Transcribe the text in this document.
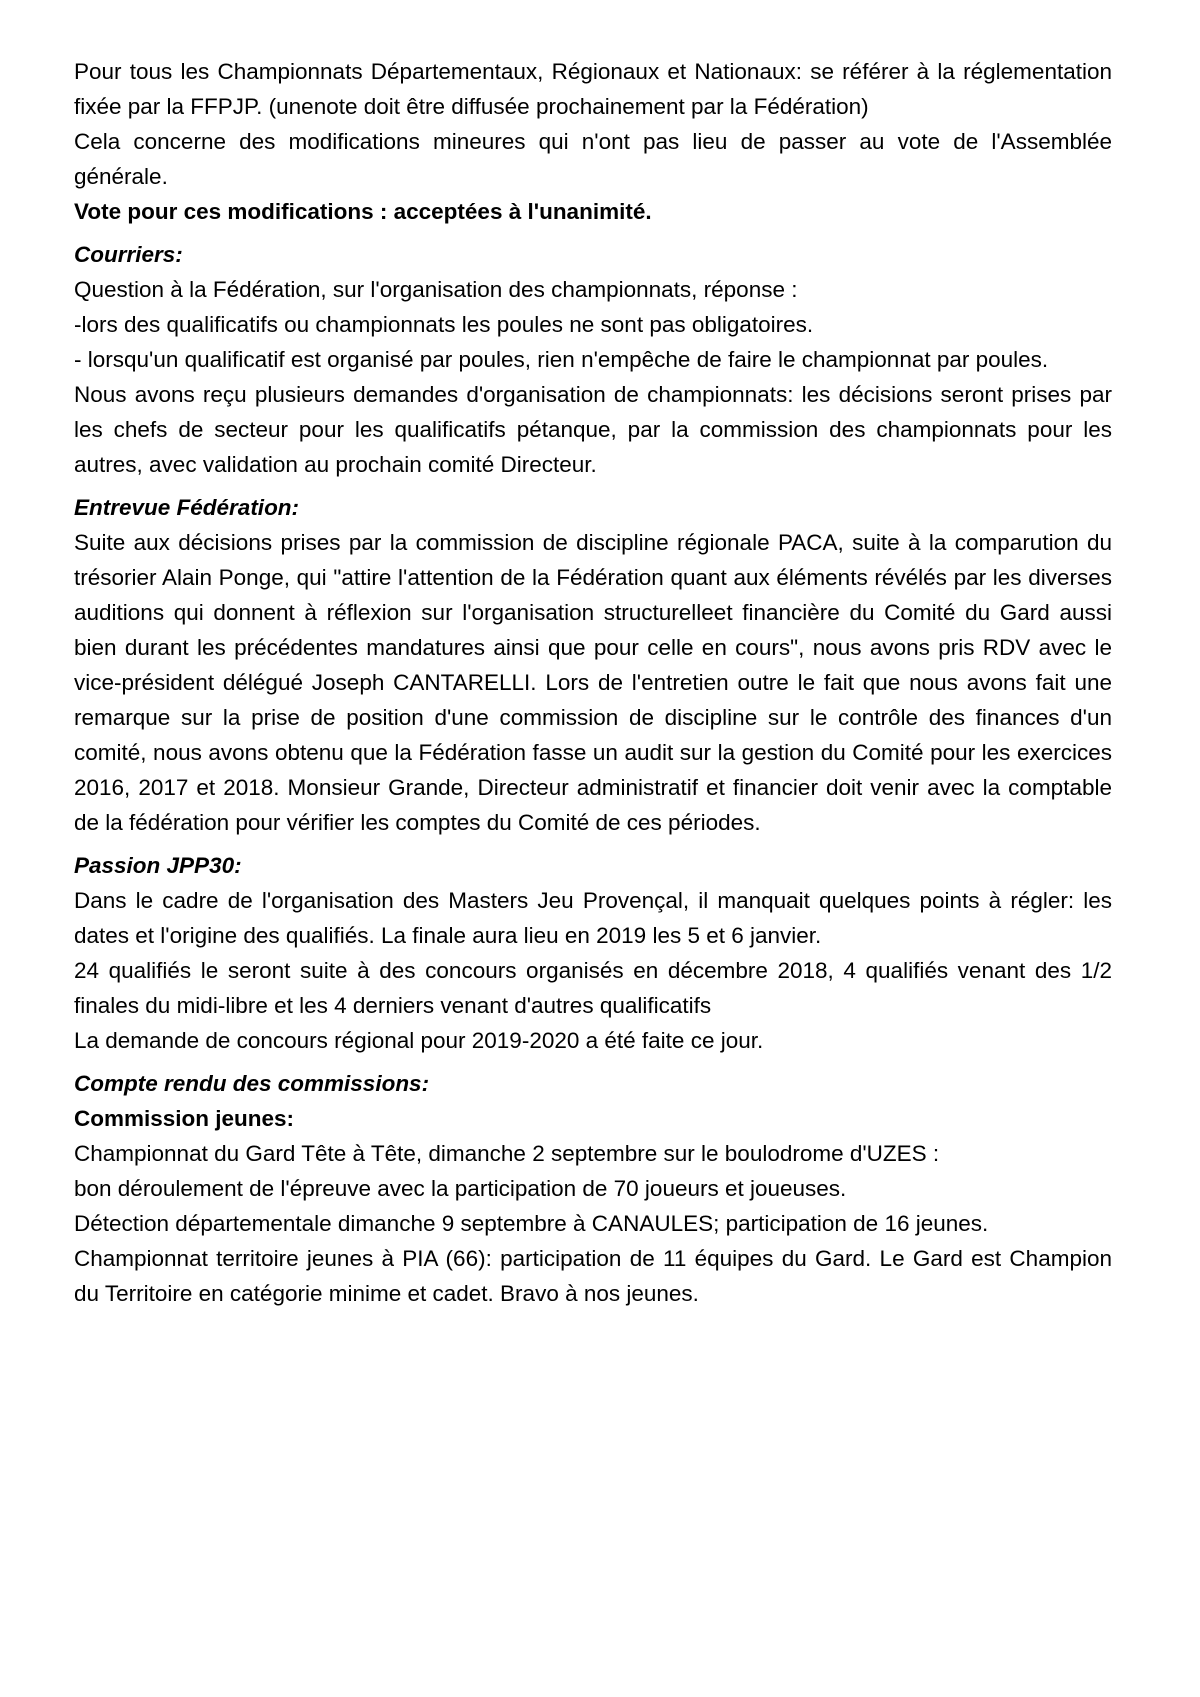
Pour tous les Championnats Départementaux, Régionaux et Nationaux: se référer à la réglementation fixée par la FFPJP. (unenote doit être diffusée prochainement par la Fédération)

Cela concerne des modifications mineures qui n'ont pas lieu de passer au vote de l'Assemblée générale.

Vote pour ces modifications : acceptées à l'unanimité.

Courriers:

Question à la Fédération, sur l'organisation des championnats, réponse :

-lors des qualificatifs ou championnats les poules ne sont pas obligatoires.

- lorsqu'un qualificatif est organisé par poules, rien n'empêche de faire le championnat par poules.

Nous avons reçu plusieurs demandes d'organisation de championnats: les décisions seront prises par les chefs de secteur pour les qualificatifs pétanque, par la commission des championnats pour les autres, avec validation au prochain comité Directeur.

Entrevue Fédération:

Suite aux décisions prises par la commission de discipline régionale PACA, suite à la comparution du trésorier Alain Ponge, qui "attire l'attention de la Fédération quant aux éléments révélés par les diverses auditions qui donnent à réflexion sur l'organisation structurelleet financière du Comité du Gard aussi bien durant les précédentes mandatures ainsi que pour celle en cours", nous avons pris RDV avec le vice-président délégué Joseph CANTARELLI. Lors de l'entretien outre le fait que nous avons fait une remarque sur la prise de position d'une commission de discipline sur le contrôle des finances d'un comité, nous avons obtenu que la Fédération fasse un audit sur la gestion du Comité pour les exercices 2016, 2017 et 2018. Monsieur Grande, Directeur administratif et financier doit venir avec la comptable de la fédération pour vérifier les comptes du Comité de ces périodes.

Passion JPP30:

Dans le cadre de l'organisation des Masters Jeu Provençal, il manquait quelques points à régler: les dates et l'origine des qualifiés. La finale aura lieu en 2019 les 5 et 6 janvier.

24 qualifiés le seront suite à des concours organisés en décembre 2018, 4 qualifiés venant des 1/2 finales du midi-libre et les 4 derniers venant d'autres qualificatifs

La demande de concours régional pour 2019-2020 a été faite ce jour.

Compte rendu des commissions:

Commission jeunes:

Championnat du Gard Tête à Tête, dimanche 2 septembre sur le boulodrome d'UZES :

bon déroulement de l'épreuve avec la participation de 70 joueurs et joueuses.

Détection départementale dimanche 9 septembre à CANAULES; participation de 16 jeunes.

Championnat territoire jeunes à PIA (66): participation de 11 équipes du Gard. Le Gard est Champion du Territoire en catégorie minime et cadet. Bravo à nos jeunes.
